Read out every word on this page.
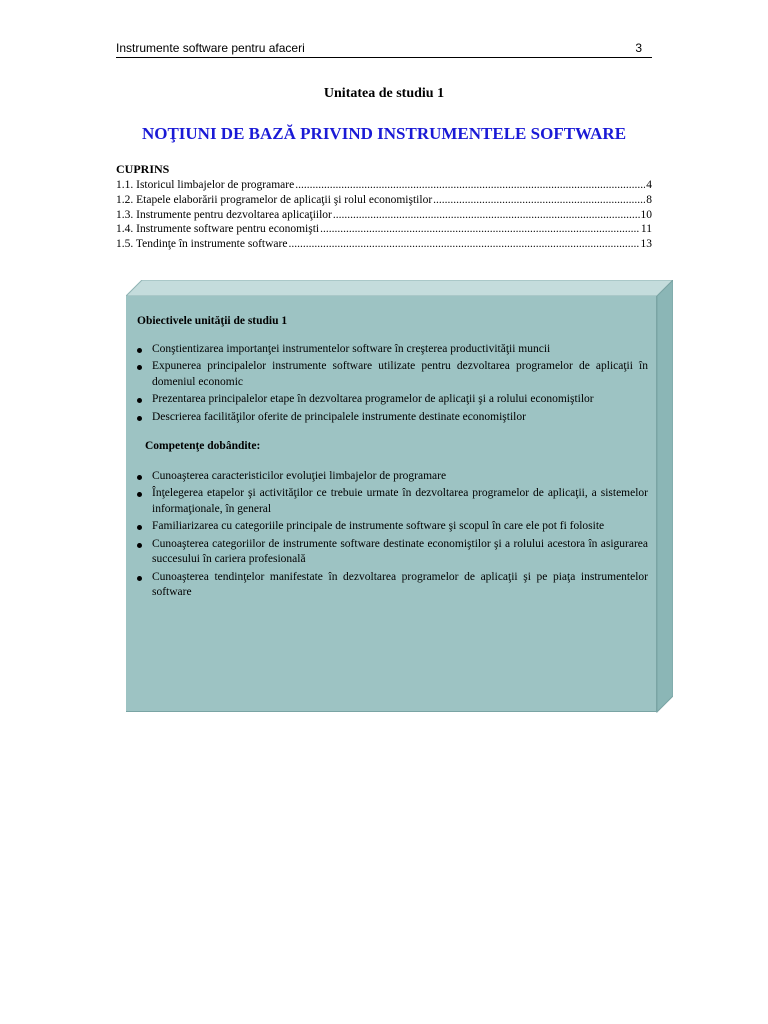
Instrumente software pentru afaceri	3
Unitatea de studiu 1
NOŢIUNI DE BAZĂ PRIVIND INSTRUMENTELE SOFTWARE
CUPRINS
1.1. Istoricul limbajelor de programare .....	4
1.2. Etapele elaborării programelor de aplicaţii şi rolul economiştilor .....	8
1.3. Instrumente pentru dezvoltarea aplicaţiilor .....	10
1.4. Instrumente software pentru economişti .....	11
1.5. Tendinţe în instrumente software .....	13
Obiectivele unităţii de studiu 1
Conştientizarea importanţei instrumentelor software în creşterea productivităţii muncii
Expunerea principalelor instrumente software utilizate pentru dezvoltarea programelor de aplicaţii în domeniul economic
Prezentarea principalelor etape în dezvoltarea programelor de aplicaţii şi a rolului economiştilor
Descrierea facilităţilor oferite de principalele instrumente destinate economiştilor
Competenţe dobândite:
Cunoaşterea caracteristicilor evoluţiei limbajelor de programare
Înţelegerea etapelor şi activităţilor ce trebuie urmate în dezvoltarea programelor de aplicaţii, a sistemelor informaţionale, în general
Familiarizarea cu categoriile principale de instrumente software şi scopul în care ele pot fi folosite
Cunoaşterea categoriilor de instrumente software destinate economiştilor şi a rolului acestora în asigurarea succesului în cariera profesională
Cunoaşterea tendinţelor manifestate în dezvoltarea programelor de aplicaţii şi pe piaţa instrumentelor software
